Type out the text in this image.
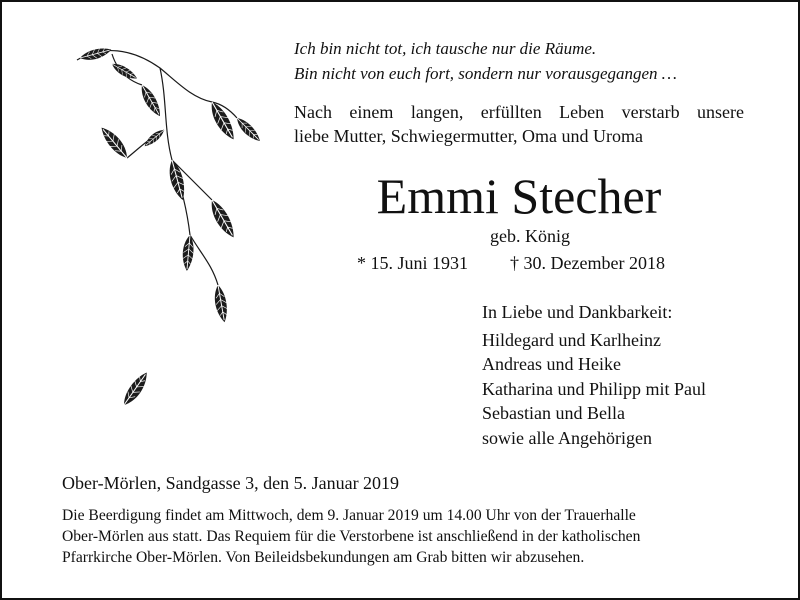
Ich bin nicht tot, ich tausche nur die Räume.
Bin nicht von euch fort, sondern nur vorausgegangen …
Nach einem langen, erfüllten Leben verstarb unsere
liebe Mutter, Schwiegermutter, Oma und Uroma
Emmi Stecher
geb. König
* 15. Juni 1931 † 30. Dezember 2018
In Liebe und Dankbarkeit:
Hildegard und Karlheinz
Andreas und Heike
Katharina und Philipp mit Paul
Sebastian und Bella
sowie alle Angehörigen
Ober-Mörlen, Sandgasse 3, den 5. Januar 2019
Die Beerdigung findet am Mittwoch, dem 9. Januar 2019 um 14.00 Uhr von der Trauerhalle
Ober-Mörlen aus statt. Das Requiem für die Verstorbene ist anschließend in der katholischen
Pfarrkirche Ober-Mörlen. Von Beileidsbekundungen am Grab bitten wir abzusehen.
